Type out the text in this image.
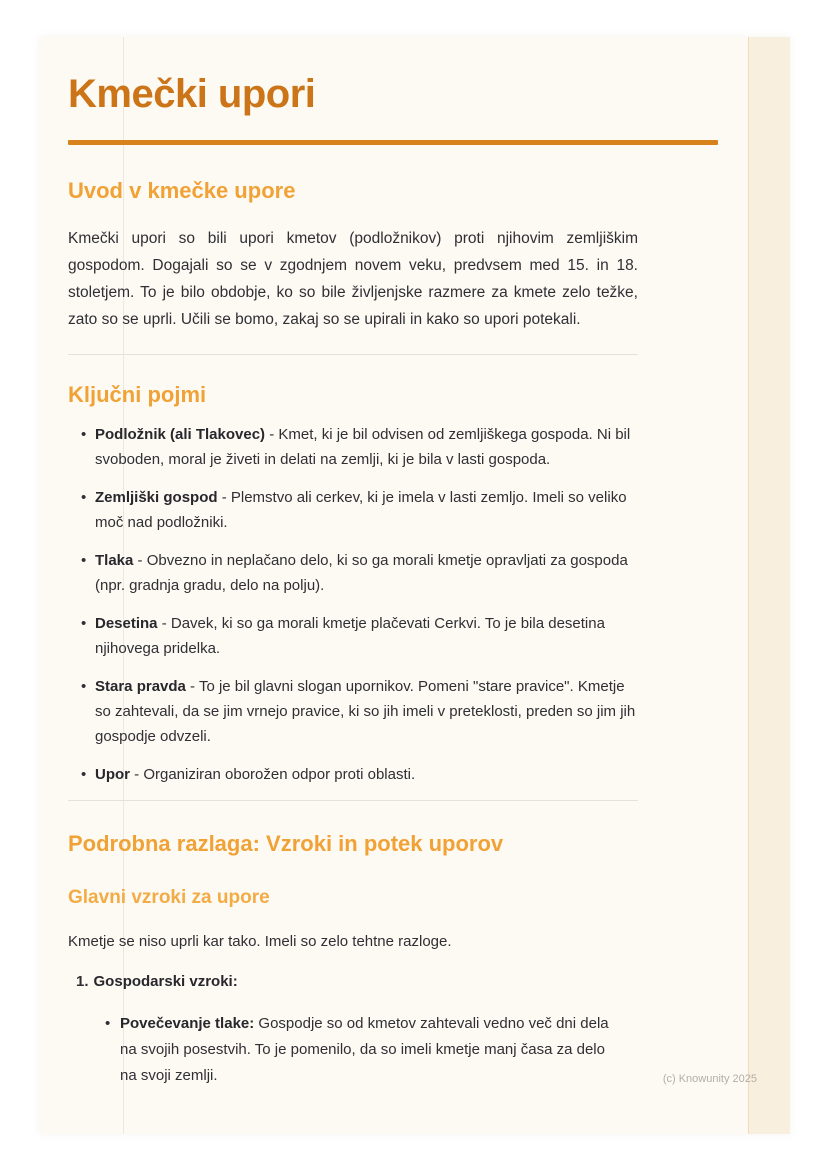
Kmečki upori
Uvod v kmečke upore

Kmečki upori so bili upori kmetov (podložnikov) proti njihovim zemljiškim gospodom. Dogajali so se v zgodnjem novem veku, predvsem med 15. in 18. stoletjem. To je bilo obdobje, ko so bile življenjske razmere za kmete zelo težke, zato so se uprli. Učili se bomo, zakaj so se upirali in kako so upori potekali.

Ključni pojmi
• Podložnik (ali Tlakovec) - Kmet, ki je bil odvisen od zemljiškega gospoda. Ni bil svoboden, moral je živeti in delati na zemlji, ki je bila v lasti gospoda.
• Zemljiški gospod - Plemstvo ali cerkev, ki je imela v lasti zemljo. Imeli so veliko moč nad podložniki.
• Tlaka - Obvezno in neplačano delo, ki so ga morali kmetje opravljati za gospoda (npr. gradnja gradu, delo na polju).
• Desetina - Davek, ki so ga morali kmetje plačevati Cerkvi. To je bila desetina njihovega pridelka.
• Stara pravda - To je bil glavni slogan upornikov. Pomeni "stare pravice". Kmetje so zahtevali, da se jim vrnejo pravice, ki so jih imeli v preteklosti, preden so jim jih gospodje odvzeli.
• Upor - Organiziran oborožen odpor proti oblasti.
Podrobna razlaga: Vzroki in potek uporov
Glavni vzroki za upore

Kmetje se niso uprli kar tako. Imeli so zelo tehtne razloge.

1. Gospodarski vzroki:
• Povečevanje tlake: Gospodje so od kmetov zahtevali vedno več dni dela na svojih posestvih. To je pomenilo, da so imeli kmetje manj časa za delo na svoji zemlji.	(c) Knowunity 2025
